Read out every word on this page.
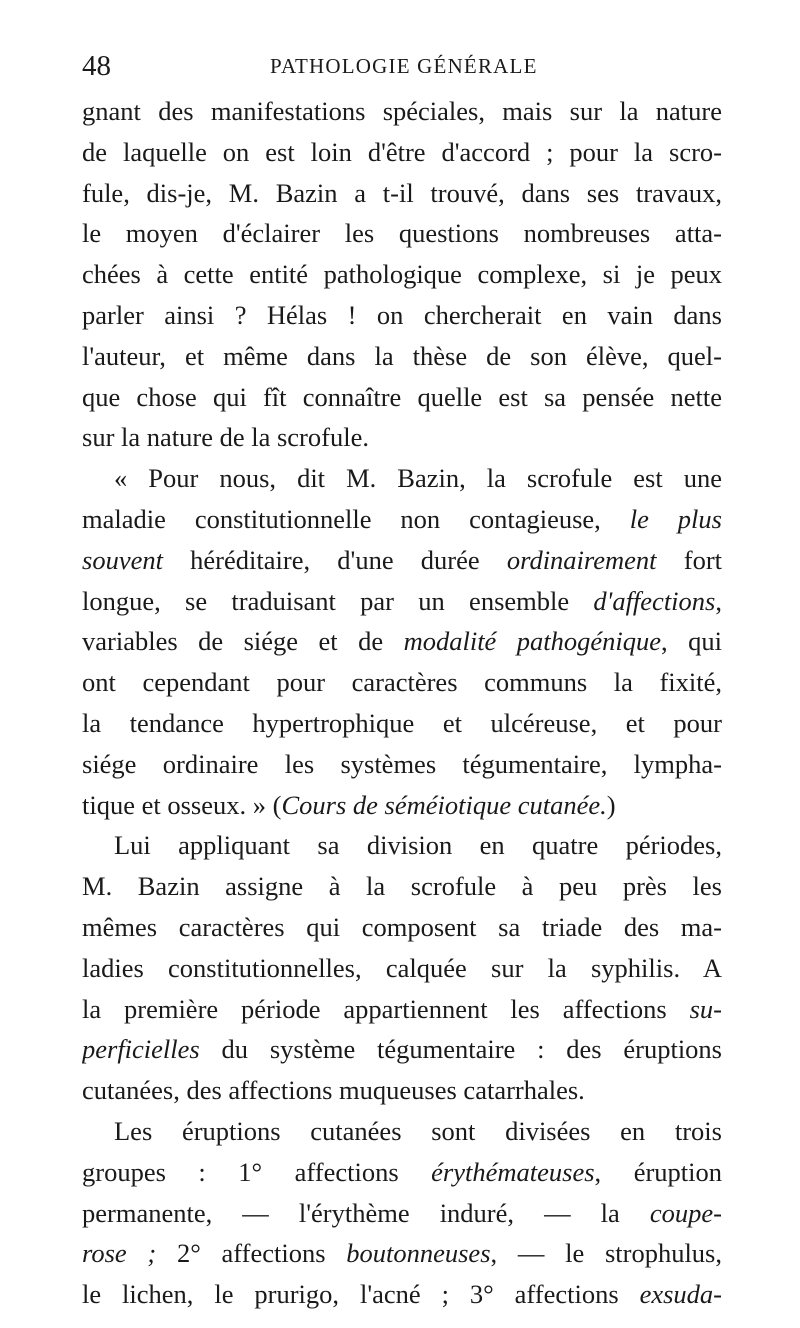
48	PATHOLOGIE GÉNÉRALE
gnant des manifestations spéciales, mais sur la nature
de laquelle on est loin d'être d'accord ; pour la scro-
fule, dis-je, M. Bazin a t-il trouvé, dans ses travaux,
le moyen d'éclairer les questions nombreuses atta-
chées à cette entité pathologique complexe, si je peux
parler ainsi ? Hélas ! on chercherait en vain dans
l'auteur, et même dans la thèse de son élève, quel-
que chose qui fît connaître quelle est sa pensée nette
sur la nature de la scrofule.
« Pour nous, dit M. Bazin, la scrofule est une
maladie constitutionnelle non contagieuse, le plus
souvent héréditaire, d'une durée ordinairement fort
longue, se traduisant par un ensemble d'affections,
variables de siége et de modalité pathogénique, qui
ont cependant pour caractères communs la fixité,
la tendance hypertrophique et ulcéreuse, et pour
siége ordinaire les systèmes tégumentaire, lympha-
tique et osseux. » (Cours de séméiotique cutanée.)
Lui appliquant sa division en quatre périodes,
M. Bazin assigne à la scrofule à peu près les
mêmes caractères qui composent sa triade des ma-
ladies constitutionnelles, calquée sur la syphilis. A
la première période appartiennent les affections su-
perficielles du système tégumentaire : des éruptions
cutanées, des affections muqueuses catarrhales.
Les éruptions cutanées sont divisées en trois
groupes : 1° affections érythémateuses, éruption
permanente, — l'érythème induré, — la coupe-
rose ; 2° affections boutonneuses, — le strophulus,
le lichen, le prurigo, l'acné ; 3° affections exsuda-
